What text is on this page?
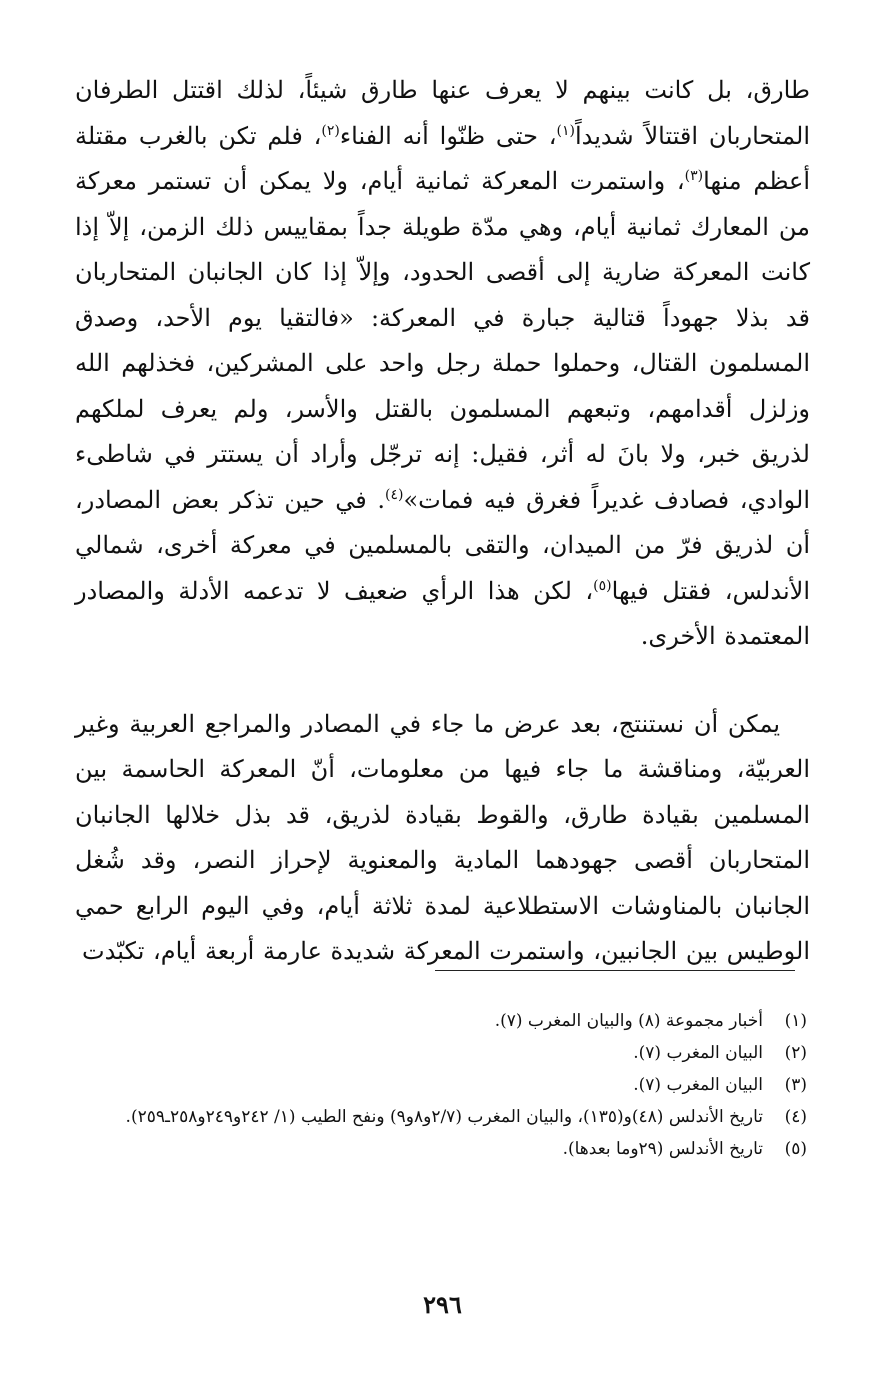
طارق، بل كانت بينهم لا يعرف عنها طارق شيئاً، لذلك اقتتل الطرفان المتحاربان اقتتالاً شديداً$^{(١)}$، حتى ظنّوا أنه الفناء$^{(٢)}$، فلم تكن بالغرب مقتلة أعظم منها$^{(٣)}$، واستمرت المعركة ثمانية أيام، ولا يمكن أن تستمر معركة من المعارك ثمانية أيام، وهي مدّة طويلة جداً بمقاييس ذلك الزمن، إلاّ إذا كانت المعركة ضارية إلى أقصى الحدود، وإلاّ إذا كان الجانبان المتحاربان قد بذلا جهوداً قتالية جبارة في المعركة: «فالتقيا يوم الأحد، وصدق المسلمون القتال، وحملوا حملة رجل واحد على المشركين، فخذلهم الله وزلزل أقدامهم، وتبعهم المسلمون بالقتل والأسر، ولم يعرف لملكهم لذريق خبر، ولا بانَ له أثر، فقيل: إنه ترجّل وأراد أن يستتر في شاطىء الوادي، فصادف غديراً فغرق فيه فمات»$^{(٤)}$. في حين تذكر بعض المصادر، أن لذريق فرّ من الميدان، والتقى بالمسلمين في معركة أخرى، شمالي الأندلس، فقتل فيها$^{(٥)}$، لكن هذا الرأي ضعيف لا تدعمه الأدلة والمصادر المعتمدة الأخرى.

يمكن أن نستنتج، بعد عرض ما جاء في المصادر والمراجع العربية وغير العربيّة، ومناقشة ما جاء فيها من معلومات، أنّ المعركة الحاسمة بين المسلمين بقيادة طارق، والقوط بقيادة لذريق، قد بذل خلالها الجانبان المتحاربان أقصى جهودهما المادية والمعنوية لإحراز النصر، وقد شُغل الجانبان بالمناوشات الاستطلاعية لمدة ثلاثة أيام، وفي اليوم الرابع حمي الوطيس بين الجانبين، واستمرت المعركة شديدة عارمة أربعة أيام، تكبّدت

(١)
أخبار مجموعة (٨) والبيان المغرب (٧).
(٢)
البيان المغرب (٧).
(٣)
البيان المغرب (٧).
(٤)
تاريخ الأندلس (٤٨)و(١٣٥)، والبيان المغرب (٢/٧و٨و٩) ونفح الطيب (١/ ٢٤٢و٢٤٩و٢٥٨ـ٢٥٩).
(٥)
تاريخ الأندلس (٢٩وما بعدها).
٢٩٦
